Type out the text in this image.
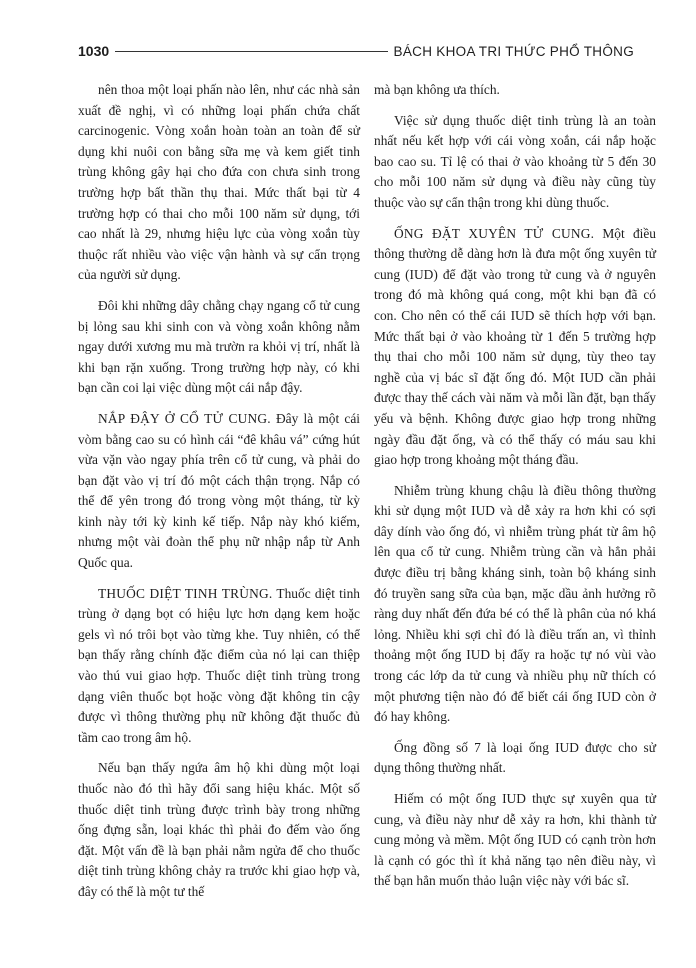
1030	BÁCH KHOA TRI THỨC PHỔ THÔNG

nên thoa một loại phấn nào lên, như các nhà sản xuất đề nghị, vì có những loại phấn chứa chất carcinogenic. Vòng xoắn hoàn toàn an toàn để sử dụng khi nuôi con bằng sữa mẹ và kem giết tinh trùng không gây hại cho đứa con chưa sinh trong trường hợp bất thần thụ thai. Mức thất bại từ 4 trường hợp có thai cho mỗi 100 năm sử dụng, tới cao nhất là 29, nhưng hiệu lực của vòng xoắn tùy thuộc rất nhiều vào việc vận hành và sự cẩn trọng của người sử dụng.

Đôi khi những dây chằng chạy ngang cổ tử cung bị lỏng sau khi sinh con và vòng xoắn không nằm ngay dưới xương mu mà trườn ra khỏi vị trí, nhất là khi bạn rặn xuống. Trong trường hợp này, có khi bạn cần coi lại việc dùng một cái nắp đậy.

NẮP ĐẬY Ở CỔ TỬ CUNG. Đây là một cái vòm bằng cao su có hình cái “đê khâu vá” cứng hút vừa vặn vào ngay phía trên cổ tử cung, và phải do bạn đặt vào vị trí đó một cách thận trọng. Nắp có thể để yên trong đó trong vòng một tháng, từ kỳ kinh này tới kỳ kinh kế tiếp. Nắp này khó kiếm, nhưng một vài đoàn thể phụ nữ nhập nắp từ Anh Quốc qua.

THUỐC DIỆT TINH TRÙNG. Thuốc diệt tinh trùng ở dạng bọt có hiệu lực hơn dạng kem hoặc gels vì nó trôi bọt vào từng khe. Tuy nhiên, có thể bạn thấy rằng chính đặc điểm của nó lại can thiệp vào thú vui giao hợp. Thuốc diệt tinh trùng trong dạng viên thuốc bọt hoặc vòng đặt không tin cậy được vì thông thường phụ nữ không đặt thuốc đủ tầm cao trong âm hộ.

Nếu bạn thấy ngứa âm hộ khi dùng một loại thuốc nào đó thì hãy đổi sang hiệu khác. Một số thuốc diệt tinh trùng được trình bày trong những ống đựng sẵn, loại khác thì phải đo đếm vào ống đặt. Một vấn đề là bạn phải nằm ngửa để cho thuốc diệt tinh trùng không chảy ra trước khi giao hợp và, đây có thể là một tư thế

mà bạn không ưa thích.

Việc sử dụng thuốc diệt tinh trùng là an toàn nhất nếu kết hợp với cái vòng xoắn, cái nắp hoặc bao cao su. Tỉ lệ có thai ở vào khoảng từ 5 đến 30 cho mỗi 100 năm sử dụng và điều này cũng tùy thuộc vào sự cẩn thận trong khi dùng thuốc.

ỐNG ĐẶT XUYÊN TỬ CUNG. Một điều thông thường dễ dàng hơn là đưa một ống xuyên tử cung (IUD) để đặt vào trong tử cung và ở nguyên trong đó mà không quá cong, một khi bạn đã có con. Cho nên có thể cái IUD sẽ thích hợp với bạn. Mức thất bại ở vào khoảng từ 1 đến 5 trường hợp thụ thai cho mỗi 100 năm sử dụng, tùy theo tay nghề của vị bác sĩ đặt ống đó. Một IUD cần phải được thay thế cách vài năm và mỗi lần đặt, bạn thấy yếu và bệnh. Không được giao hợp trong những ngày đầu đặt ống, và có thể thấy có máu sau khi giao hợp trong khoảng một tháng đầu.

Nhiễm trùng khung chậu là điều thông thường khi sử dụng một IUD và dễ xảy ra hơn khi có sợi dây dính vào ống đó, vì nhiễm trùng phát từ âm hộ lên qua cổ tử cung. Nhiễm trùng cần và hẳn phải được điều trị bằng kháng sinh, toàn bộ kháng sinh đó truyền sang sữa của bạn, mặc dầu ảnh hưởng rõ ràng duy nhất đến đứa bé có thể là phân của nó khá lỏng. Nhiều khi sợi chỉ đó là điều trấn an, vì thỉnh thoảng một ống IUD bị đẩy ra hoặc tự nó vùi vào trong các lớp da tử cung và nhiều phụ nữ thích có một phương tiện nào đó để biết cái ống IUD còn ở đó hay không.

Ống đồng số 7 là loại ống IUD được cho sử dụng thông thường nhất.

Hiếm có một ống IUD thực sự xuyên qua tử cung, và điều này như dễ xảy ra hơn, khi thành tử cung mỏng và mềm. Một ống IUD có cạnh tròn hơn là cạnh có góc thì ít khả năng tạo nên điều này, vì thế bạn hẳn muốn thảo luận việc này với bác sĩ.
